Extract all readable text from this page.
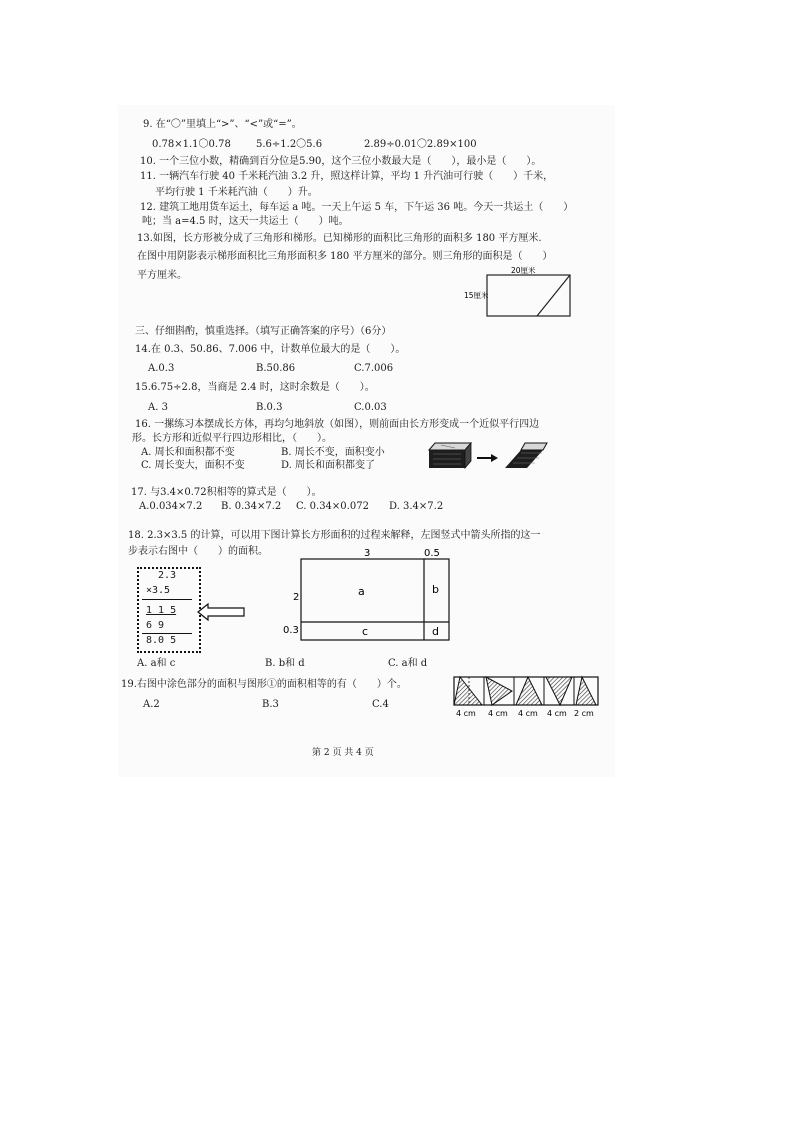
9. 在“〇”里填上“>”、“<”或“=”。
0.78×1.1〇0.78	5.6÷1.2〇5.6	2.89÷0.01〇2.89×100
10. 一个三位小数，精确到百分位是5.90，这个三位小数最大是（　　），最小是（　　）。
11. 一辆汽车行驶 40 千米耗汽油 3.2 升，照这样计算，平均 1 升汽油可行驶（　　）千米，
平均行驶 1 千米耗汽油（　　）升。
12. 建筑工地用货车运土，每车运 a 吨。一天上午运 5 车，下午运 36 吨。今天一共运土（　　）
吨；当 a=4.5 时，这天一共运土（　　）吨。
13.如图，长方形被分成了三角形和梯形。已知梯形的面积比三角形的面积多 180 平方厘米.
在图中用阴影表示梯形面积比三角形面积多 180 平方厘米的部分。则三角形的面积是（　　）
平方厘米。	20厘米
15厘米
三、仔细斟酌，慎重选择。（填写正确答案的序号）（6分）
14.在 0.3、50.86、7.006 中，计数单位最大的是（　　）。
A.0.3	B.50.86	C.7.006
15.6.75÷2.8，当商是 2.4 时，这时余数是（　　）。
A. 3	B.0.3	C.0.03
16. 一摞练习本摆成长方体，再均匀地斜放（如图），则前面由长方形变成一个近似平行四边
形。长方形和近似平行四边形相比，（　　）。
A. 周长和面积都不变	B. 周长不变，面积变小
C. 周长变大，面积不变	D. 周长和面积都变了
17. 与3.4×0.72积相等的算式是（　　）。
A.0.034×7.2 B. 0.34×7.2 C. 0.34×0.072 D. 3.4×7.2
18. 2.3×3.5 的计算，可以用下图计算长方形面积的过程来解释，左图竖式中箭头所指的这一
步表示右图中（　　）的面积。
2.3
×3.5
1 1 5
6 9
8.0 5
3	0.5
2
0.3
a	b
c	d
A. a和 c	B. b和 d	C. a和 d
19.右图中涂色部分的面积与图形①的面积相等的有（　　）个。
A.2	B.3	C.4
4 cm 4 cm 4 cm 4 cm 2 cm
第 2 页 共 4 页
